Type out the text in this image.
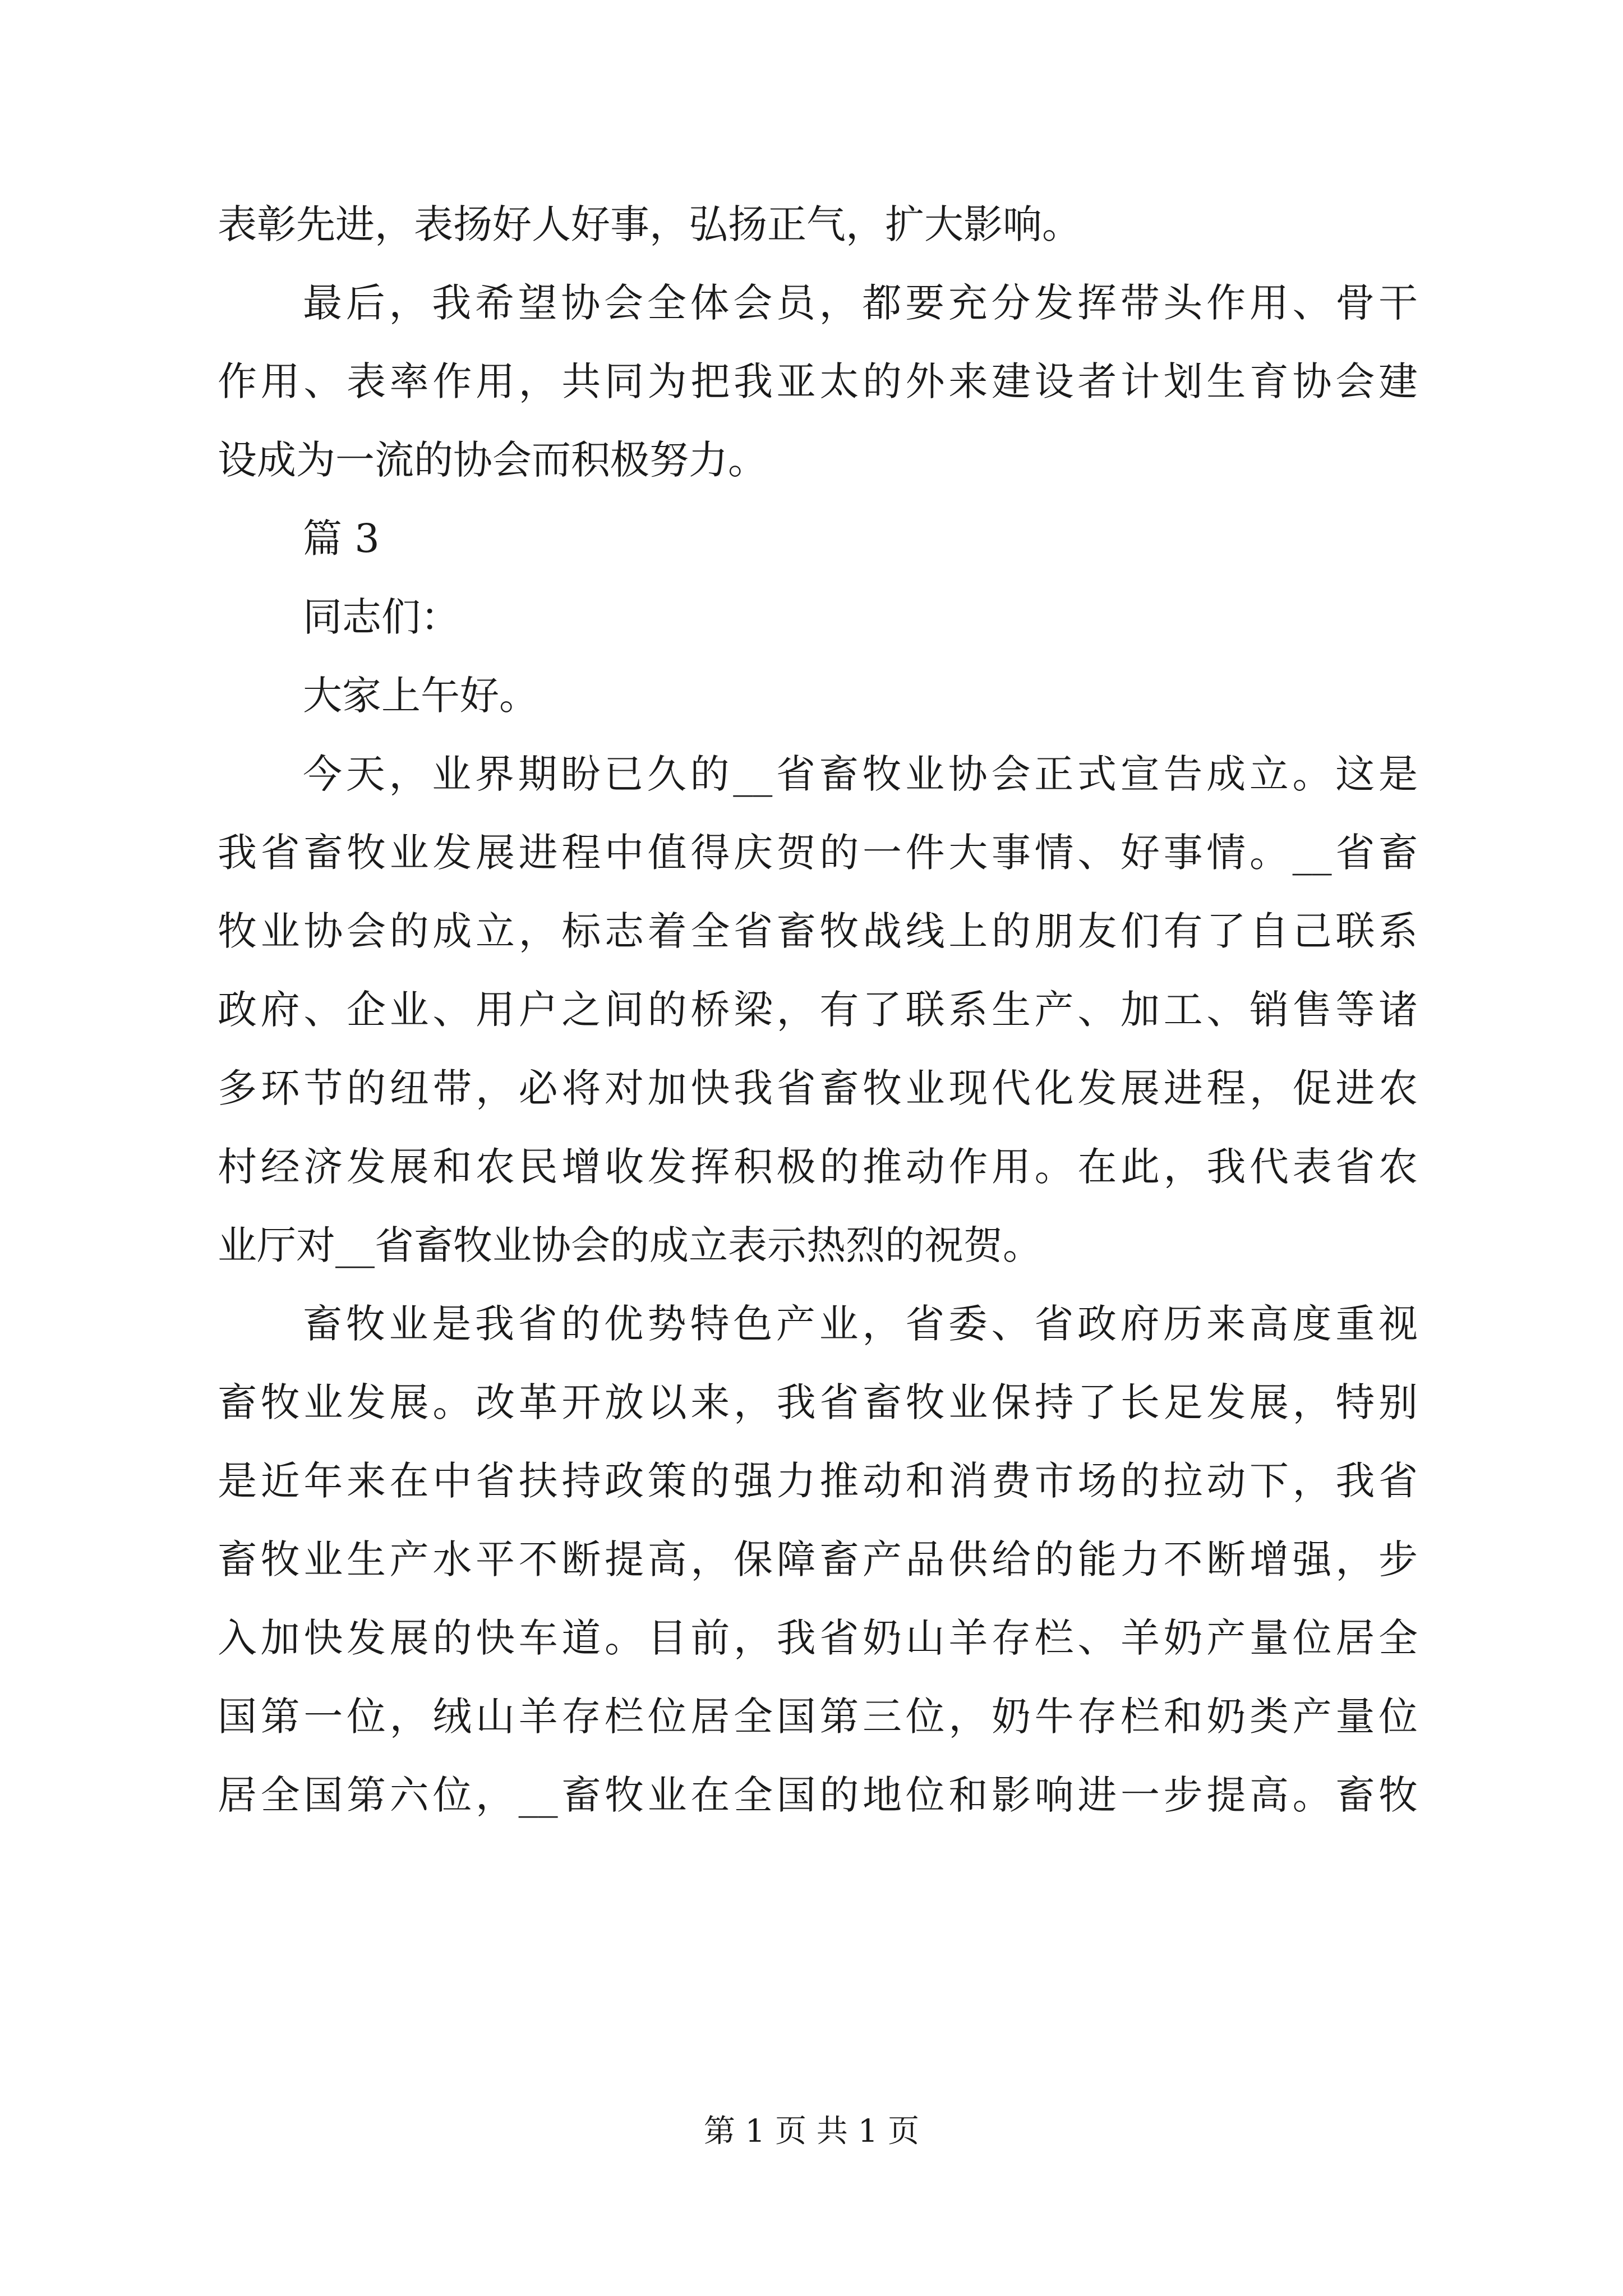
表彰先进，表扬好人好事，弘扬正气，扩大影响。
最后，我希望协会全体会员，都要充分发挥带头作用、骨干
作用、表率作用，共同为把我亚太的外来建设者计划生育协会建
设成为一流的协会而积极努力。
篇 3
同志们：
大家上午好。
今天，业界期盼已久的__省畜牧业协会正式宣告成立。这是
我省畜牧业发展进程中值得庆贺的一件大事情、好事情。__省畜
牧业协会的成立，标志着全省畜牧战线上的朋友们有了自己联系
政府、企业、用户之间的桥梁，有了联系生产、加工、销售等诸
多环节的纽带，必将对加快我省畜牧业现代化发展进程，促进农
村经济发展和农民增收发挥积极的推动作用。在此，我代表省农
业厅对__省畜牧业协会的成立表示热烈的祝贺。
畜牧业是我省的优势特色产业，省委、省政府历来高度重视
畜牧业发展。改革开放以来，我省畜牧业保持了长足发展，特别
是近年来在中省扶持政策的强力推动和消费市场的拉动下，我省
畜牧业生产水平不断提高，保障畜产品供给的能力不断增强，步
入加快发展的快车道。目前，我省奶山羊存栏、羊奶产量位居全
国第一位，绒山羊存栏位居全国第三位，奶牛存栏和奶类产量位
居全国第六位，__畜牧业在全国的地位和影响进一步提高。畜牧
第 1 页 共 1 页
